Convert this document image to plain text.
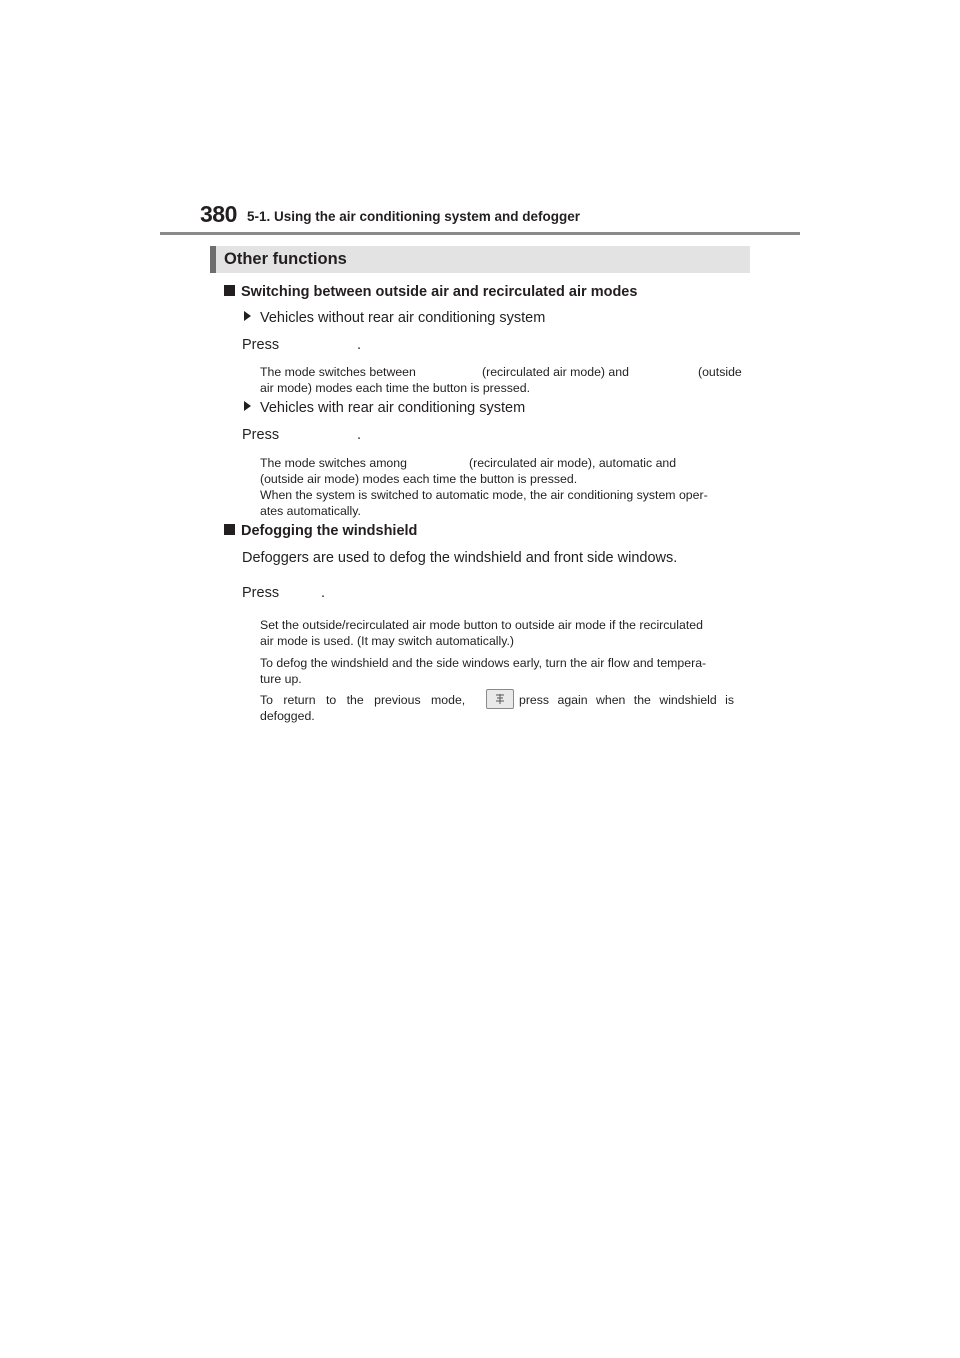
380 5-1. Using the air conditioning system and defogger
Other functions
Switching between outside air and recirculated air modes
Vehicles without rear air conditioning system
Press	.
The mode switches between	(recirculated air mode) and	(outside
air mode) modes each time the button is pressed.
Vehicles with rear air conditioning system
Press	.
The mode switches among	(recirculated air mode), automatic and
(outside air mode) modes each time the button is pressed.
When the system is switched to automatic mode, the air conditioning system oper-
ates automatically.
Defogging the windshield
Defoggers are used to defog the windshield and front side windows.
Press	.
Set the outside/recirculated air mode button to outside air mode if the recirculated
air mode is used. (It may switch automatically.)
To defog the windshield and the side windows early, turn the air flow and tempera-
ture up.
To return to the previous mode,	press again when the windshield is
defogged.
